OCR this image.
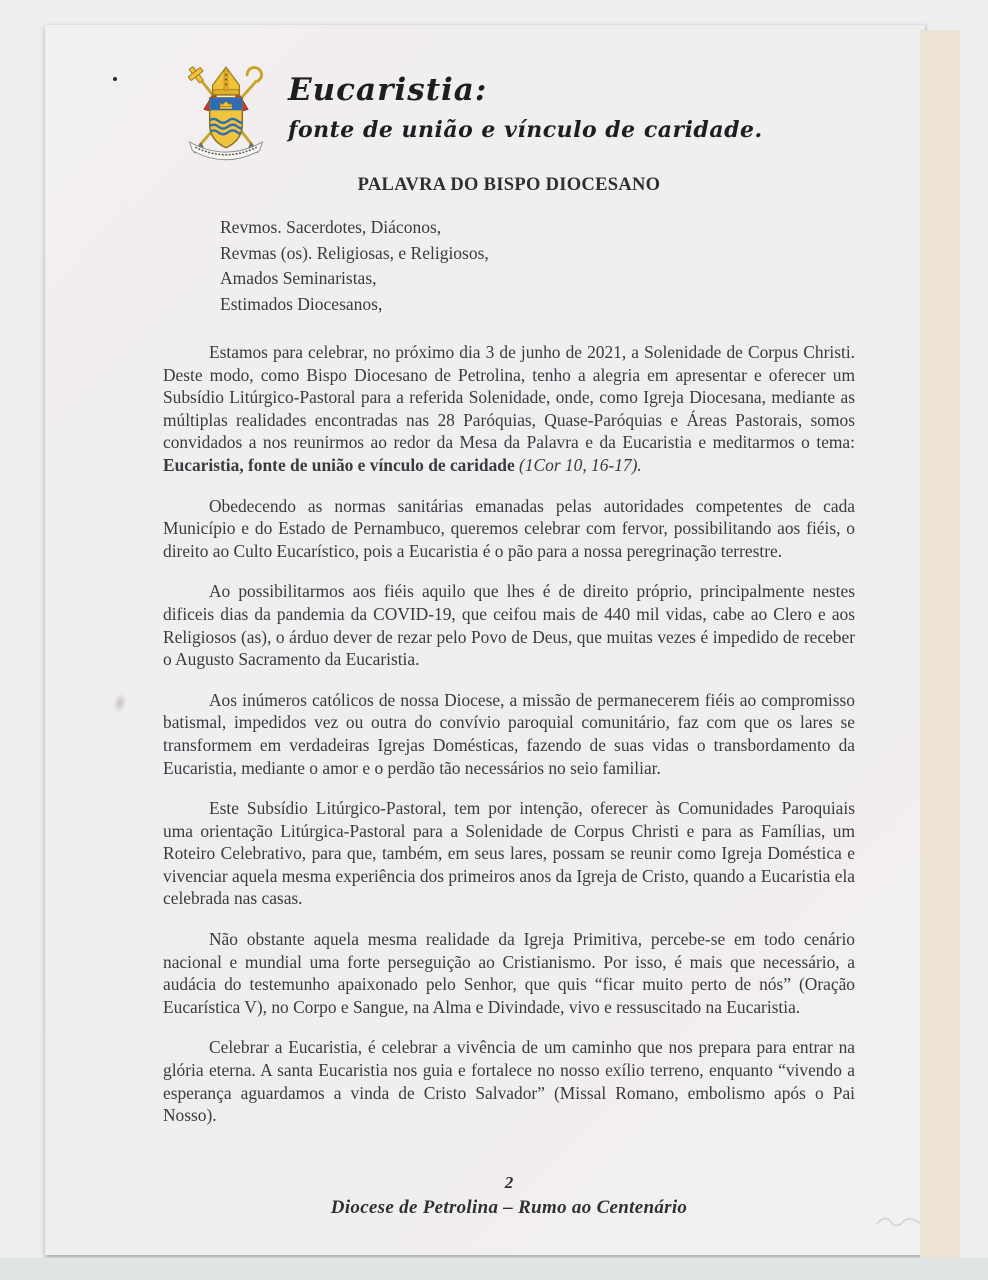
Eucaristia:
fonte de união e vínculo de caridade.
PALAVRA DO BISPO DIOCESANO
Revmos. Sacerdotes, Diáconos,
Revmas (os). Religiosas, e Religiosos,
Amados Seminaristas,
Estimados Diocesanos,

Estamos para celebrar, no próximo dia 3 de junho de 2021, a Solenidade de Corpus Christi. Deste modo, como Bispo Diocesano de Petrolina, tenho a alegria em apresentar e oferecer um Subsídio Litúrgico-Pastoral para a referida Solenidade, onde, como Igreja Diocesana, mediante as múltiplas realidades encontradas nas 28 Paróquias, Quase-Paróquias e Áreas Pastorais, somos convidados a nos reunirmos ao redor da Mesa da Palavra e da Eucaristia e meditarmos o tema: Eucaristia, fonte de união e vínculo de caridade (1Cor 10, 16-17).

Obedecendo as normas sanitárias emanadas pelas autoridades competentes de cada Município e do Estado de Pernambuco, queremos celebrar com fervor, possibilitando aos fiéis, o direito ao Culto Eucarístico, pois a Eucaristia é o pão para a nossa peregrinação terrestre.

Ao possibilitarmos aos fiéis aquilo que lhes é de direito próprio, principalmente nestes dificeis dias da pandemia da COVID-19, que ceifou mais de 440 mil vidas, cabe ao Clero e aos Religiosos (as), o árduo dever de rezar pelo Povo de Deus, que muitas vezes é impedido de receber o Augusto Sacramento da Eucaristia.

Aos inúmeros católicos de nossa Diocese, a missão de permanecerem fiéis ao compromisso batismal, impedidos vez ou outra do convívio paroquial comunitário, faz com que os lares se transformem em verdadeiras Igrejas Domésticas, fazendo de suas vidas o transbordamento da Eucaristia, mediante o amor e o perdão tão necessários no seio familiar.

Este Subsídio Litúrgico-Pastoral, tem por intenção, oferecer às Comunidades Paroquiais uma orientação Litúrgica-Pastoral para a Solenidade de Corpus Christi e para as Famílias, um Roteiro Celebrativo, para que, também, em seus lares, possam se reunir como Igreja Doméstica e vivenciar aquela mesma experiência dos primeiros anos da Igreja de Cristo, quando a Eucaristia ela celebrada nas casas.

Não obstante aquela mesma realidade da Igreja Primitiva, percebe-se em todo cenário nacional e mundial uma forte perseguição ao Cristianismo. Por isso, é mais que necessário, a audácia do testemunho apaixonado pelo Senhor, que quis “ficar muito perto de nós” (Oração Eucarística V), no Corpo e Sangue, na Alma e Divindade, vivo e ressuscitado na Eucaristia.

Celebrar a Eucaristia, é celebrar a vivência de um caminho que nos prepara para entrar na glória eterna. A santa Eucaristia nos guia e fortalece no nosso exílio terreno, enquanto “vivendo a esperança aguardamos a vinda de Cristo Salvador” (Missal Romano, embolismo após o Pai Nosso).

2
Diocese de Petrolina – Rumo ao Centenário
